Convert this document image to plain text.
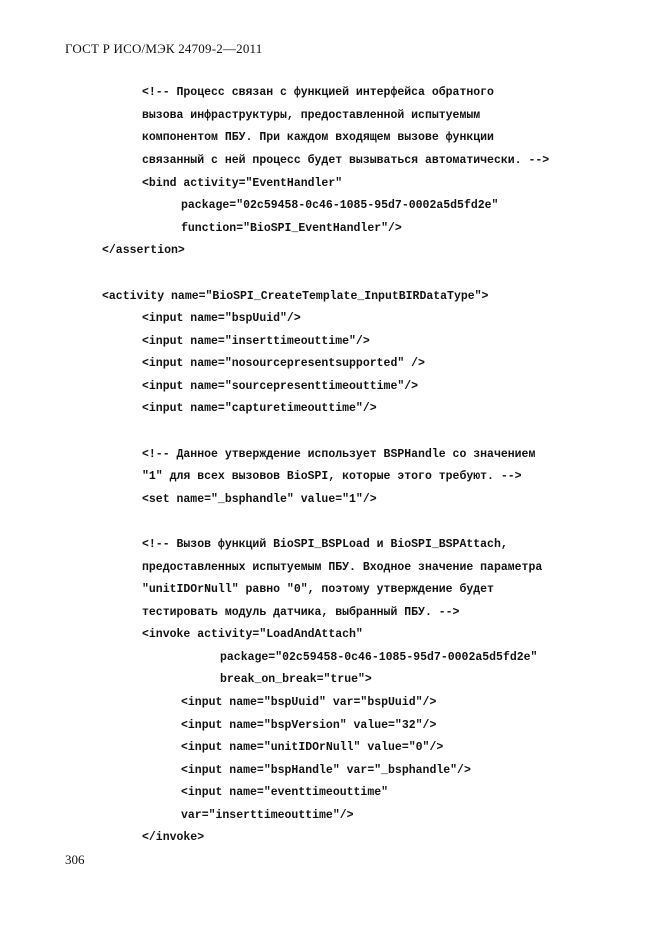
ГОСТ Р ИСО/МЭК 24709-2—2011
<!-- Процесс связан с функцией интерфейса обратного
вызова инфраструктуры, предоставленной испытуемым
компонентом ПБУ. При каждом входящем вызове функции
связанный с ней процесс будет вызываться автоматически. -->
<bind activity="EventHandler"
package="02c59458-0c46-1085-95d7-0002a5d5fd2e"
function="BioSPI_EventHandler"/>
</assertion>
<activity name="BioSPI_CreateTemplate_InputBIRDataType">
<input name="bspUuid"/>
<input name="inserttimeouttime"/>
<input name="nosourcepresentsupported" />
<input name="sourcepresenttimeouttime"/>
<input name="capturetimeouttime"/>
<!-- Данное утверждение использует BSPHandle со значением
"1" для всех вызовов BioSPI, которые этого требуют. -->
<set name="_bsphandle" value="1"/>
<!-- Вызов функций BioSPI_BSPLoad и BioSPI_BSPAttach,
предоставленных испытуемым ПБУ. Входное значение параметра
"unitIDOrNull" равно "0", поэтому утверждение будет
тестировать модуль датчика, выбранный ПБУ. -->
<invoke activity="LoadAndAttach"
package="02c59458-0c46-1085-95d7-0002a5d5fd2e"
break_on_break="true">
<input name="bspUuid" var="bspUuid"/>
<input name="bspVersion" value="32"/>
<input name="unitIDOrNull" value="0"/>
<input name="bspHandle" var="_bsphandle"/>
<input name="eventtimeouttime"
var="inserttimeouttime"/>
</invoke>
306
